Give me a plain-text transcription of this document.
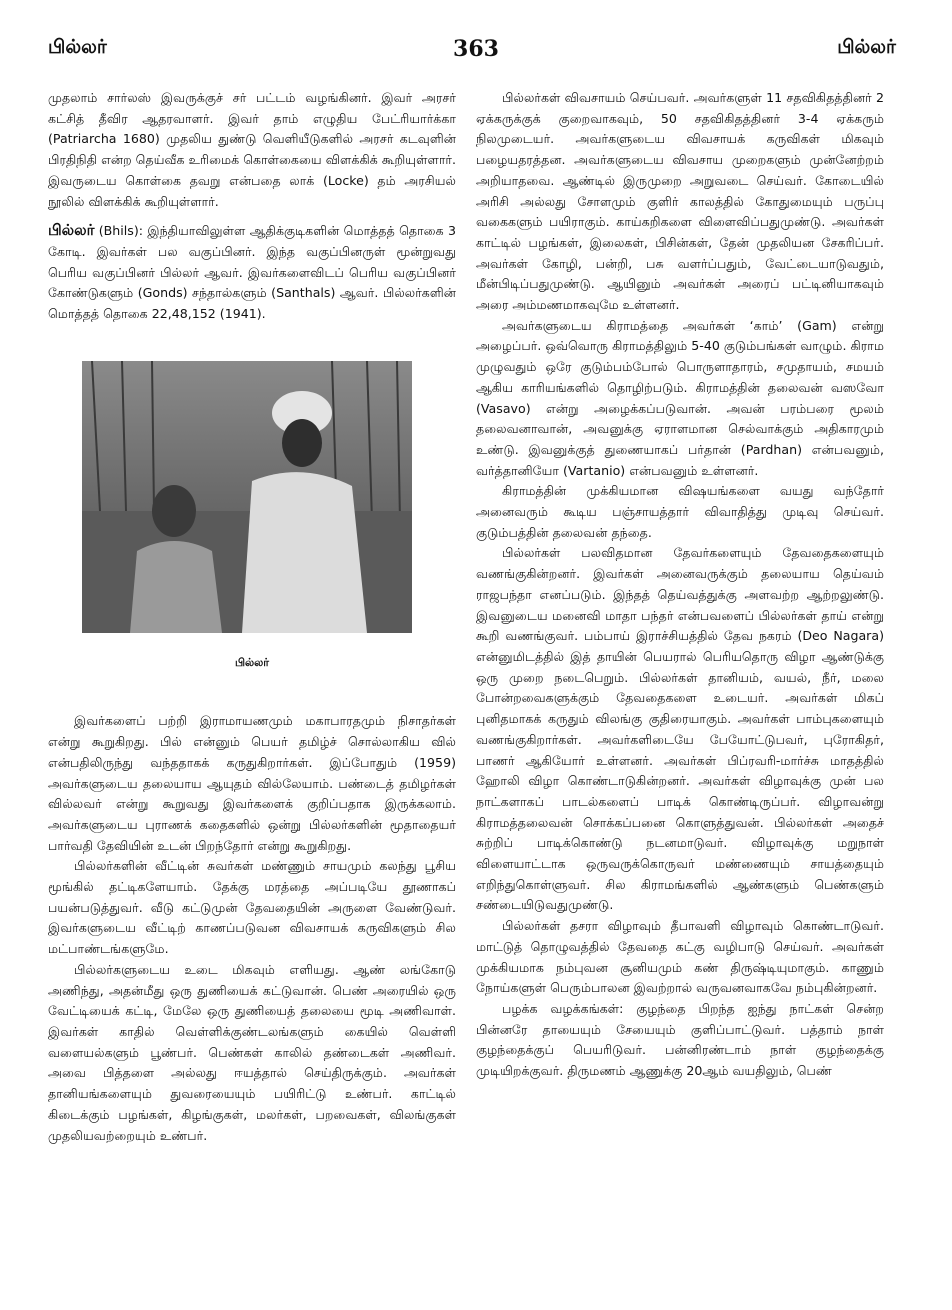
பில்லர்	363	பில்லர்

முதலாம் சார்லஸ் இவருக்குச் சர் பட்டம் வழங்கினர். இவர் அரசர் கட்சித் தீவிர ஆதரவாளர். இவர் தாம் எழுதிய பேட்ரியார்க்கா (Patriarcha 1680) முதலிய துண்டு வெளியீடுகளில் அரசர் கடவுளின் பிரதிநிதி என்ற தெய்வீக உரிமைக் கொள்கையை விளக்கிக் கூறியுள்ளார். இவருடைய கொள்கை தவறு என்பதை லாக் (Locke) தம் அரசியல் நூலில் விளக்கிக் கூறியுள்ளார்.

பில்லர் (Bhils): இந்தியாவிலுள்ள ஆதிக்குடிகளின் மொத்தத் தொகை 3 கோடி. இவர்கள் பல வகுப்பினர். இந்த வகுப்பினருள் மூன்றுவது பெரிய வகுப்பினர் பில்லர் ஆவர். இவர்களைவிடப் பெரிய வகுப்பினர் கோண்டுகளும் (Gonds) சந்தால்களும் (Santhals) ஆவர். பில்லர்களின் மொத்தத் தொகை 22,48,152 (1941).

பில்லர்

இவர்களைப் பற்றி இராமாயணமும் மகாபாரதமும் நிசாதர்கள் என்று கூறுகிறது. பில் என்னும் பெயர் தமிழ்ச் சொல்லாகிய வில் என்பதிலிருந்து வந்ததாகக் கருதுகிறார்கள். இப்போதும் (1959) அவர்களுடைய தலையாய ஆயுதம் வில்லேயாம். பண்டைத் தமிழர்கள் வில்லவர் என்று கூறுவது இவர்களைக் குறிப்பதாக இருக்கலாம். அவர்களுடைய புராணக் கதைகளில் ஒன்று பில்லர்களின் மூதாதையர் பார்வதி தேவியின் உடன் பிறந்தோர் என்று கூறுகிறது.

பில்லர்களின் வீட்டின் சுவர்கள் மண்ணும் சாயமும் கலந்து பூசிய மூங்கில் தட்டிகளேயாம். தேக்கு மரத்தை அப்படியே தூணாகப் பயன்படுத்துவர். வீடு கட்டுமுன் தேவதையின் அருளை வேண்டுவர். இவர்களுடைய வீட்டிற் காணப்படுவன விவசாயக் கருவிகளும் சில மட்பாண்டங்களுமே.

பில்லர்களுடைய உடை மிகவும் எளியது. ஆண் லங்கோடு அணிந்து, அதன்மீது ஒரு துணியைக் கட்டுவான். பெண் அரையில் ஒரு வேட்டியைக் கட்டி, மேலே ஒரு துணியைத் தலையை மூடி அணிவாள். இவர்கள் காதில் வெள்ளிக்குண்டலங்களும் கையில் வெள்ளி வளையல்களும் பூண்பர். பெண்கள் காலில் தண்டைகள் அணிவர். அவை பித்தளை அல்லது ஈயத்தால் செய்திருக்கும். அவர்கள் தானியங்களையும் துவரையையும் பயிரிட்டு உண்பர். காட்டில் கிடைக்கும் பழங்கள், கிழங்குகள், மலர்கள், பறவைகள், விலங்குகள் முதலியவற்றையும் உண்பர்.

பில்லர்கள் விவசாயம் செய்பவர். அவர்களுள் 11 சதவிகிதத்தினர் 2 ஏக்கருக்குக் குறைவாகவும், 50 சதவிகிதத்தினர் 3-4 ஏக்கரும் நிலமுடையர். அவர்களுடைய விவசாயக் கருவிகள் மிகவும் பழையதரத்தன. அவர்களுடைய விவசாய முறைகளும் முன்னேற்றம் அறியாதவை. ஆண்டில் இருமுறை அறுவடை செய்வர். கோடையில் அரிசி அல்லது சோளமும் குளிர் காலத்தில் கோதுமையும் பருப்பு வகைகளும் பயிராகும். காய்கறிகளை விளைவிப்பதுமுண்டு. அவர்கள் காட்டில் பழங்கள், இலைகள், பிசின்கள், தேன் முதலியன சேகரிப்பர். அவர்கள் கோழி, பன்றி, பசு வளர்ப்பதும், வேட்டையாடுவதும், மீன்பிடிப்பதுமுண்டு. ஆயினும் அவர்கள் அரைப் பட்டினியாகவும் அரை அம்மணமாகவுமே உள்ளனர்.

அவர்களுடைய கிராமத்தை அவர்கள் ‘காம்’ (Gam) என்று அழைப்பர். ஒவ்வொரு கிராமத்திலும் 5-40 குடும்பங்கள் வாழும். கிராம முழுவதும் ஒரே குடும்பம்போல் பொருளாதாரம், சமுதாயம், சமயம் ஆகிய காரியங்களில் தொழிற்படும். கிராமத்தின் தலைவன் வஸவோ (Vasavo) என்று அழைக்கப்படுவான். அவன் பரம்பரை மூலம் தலைவனாவான், அவனுக்கு ஏராளமான செல்வாக்கும் அதிகாரமும் உண்டு. இவனுக்குத் துணையாகப் பர்தான் (Pardhan) என்பவனும், வர்த்தானியோ (Vartanio) என்பவனும் உள்ளனர்.

கிராமத்தின் முக்கியமான விஷயங்களை வயது வந்தோர் அனைவரும் கூடிய பஞ்சாயத்தார் விவாதித்து முடிவு செய்வர். குடும்பத்தின் தலைவன் தந்தை.

பில்லர்கள் பலவிதமான தேவர்களையும் தேவதைகளையும் வணங்குகின்றனர். இவர்கள் அனைவருக்கும் தலையாய தெய்வம் ராஜபந்தா எனப்படும். இந்தத் தெய்வத்துக்கு அளவற்ற ஆற்றலுண்டு. இவனுடைய மனைவி மாதா பந்தர் என்பவளைப் பில்லர்கள் தாய் என்று கூறி வணங்குவர். பம்பாய் இராச்சியத்தில் தேவ நகரம் (Deo Nagara) என்னுமிடத்தில் இத் தாயின் பெயரால் பெரியதொரு விழா ஆண்டுக்கு ஒரு முறை நடைபெறும். பில்லர்கள் தானியம், வயல், நீர், மலை போன்றவைகளுக்கும் தேவதைகளை உடையர். அவர்கள் மிகப் புனிதமாகக் கருதும் விலங்கு குதிரையாகும். அவர்கள் பாம்புகளையும் வணங்குகிறார்கள். அவர்களிடையே பேயோட்டுபவர், புரோகிதர், பாணர் ஆகியோர் உள்ளனர். அவர்கள் பிப்ரவரி-மார்ச்சு மாதத்தில் ஹோலி விழா கொண்டாடுகின்றனர். அவர்கள் விழாவுக்கு முன் பல நாட்களாகப் பாடல்களைப் பாடிக் கொண்டிருப்பர். விழாவன்று கிராமத்தலைவன் சொக்கப்பனை கொளுத்துவன். பில்லர்கள் அதைச் சுற்றிப் பாடிக்கொண்டு நடனமாடுவர். விழாவுக்கு மறுநாள் விளையாட்டாக ஒருவருக்கொருவர் மண்ணையும் சாயத்தையும் எறிந்துகொள்ளுவர். சில கிராமங்களில் ஆண்களும் பெண்களும் சண்டையிடுவதுமுண்டு.

பில்லர்கள் தசரா விழாவும் தீபாவளி விழாவும் கொண்டாடுவர். மாட்டுத் தொழுவத்தில் தேவதை கட்கு வழிபாடு செய்வர். அவர்கள் முக்கியமாக நம்புவன சூனியமும் கண் திருஷ்டியுமாகும். காணும் நோய்களுள் பெரும்பாலன இவற்றால் வருவனவாகவே நம்புகின்றனர்.

பழக்க வழக்கங்கள்: குழந்தை பிறந்த ஐந்து நாட்கள் சென்ற பின்னரே தாயையும் சேயையும் குளிப்பாட்டுவர். பத்தாம் நாள் குழந்தைக்குப் பெயரிடுவர். பன்னிரண்டாம் நாள் குழந்தைக்கு முடியிறக்குவர். திருமணம் ஆணுக்கு 20ஆம் வயதிலும், பெண்
